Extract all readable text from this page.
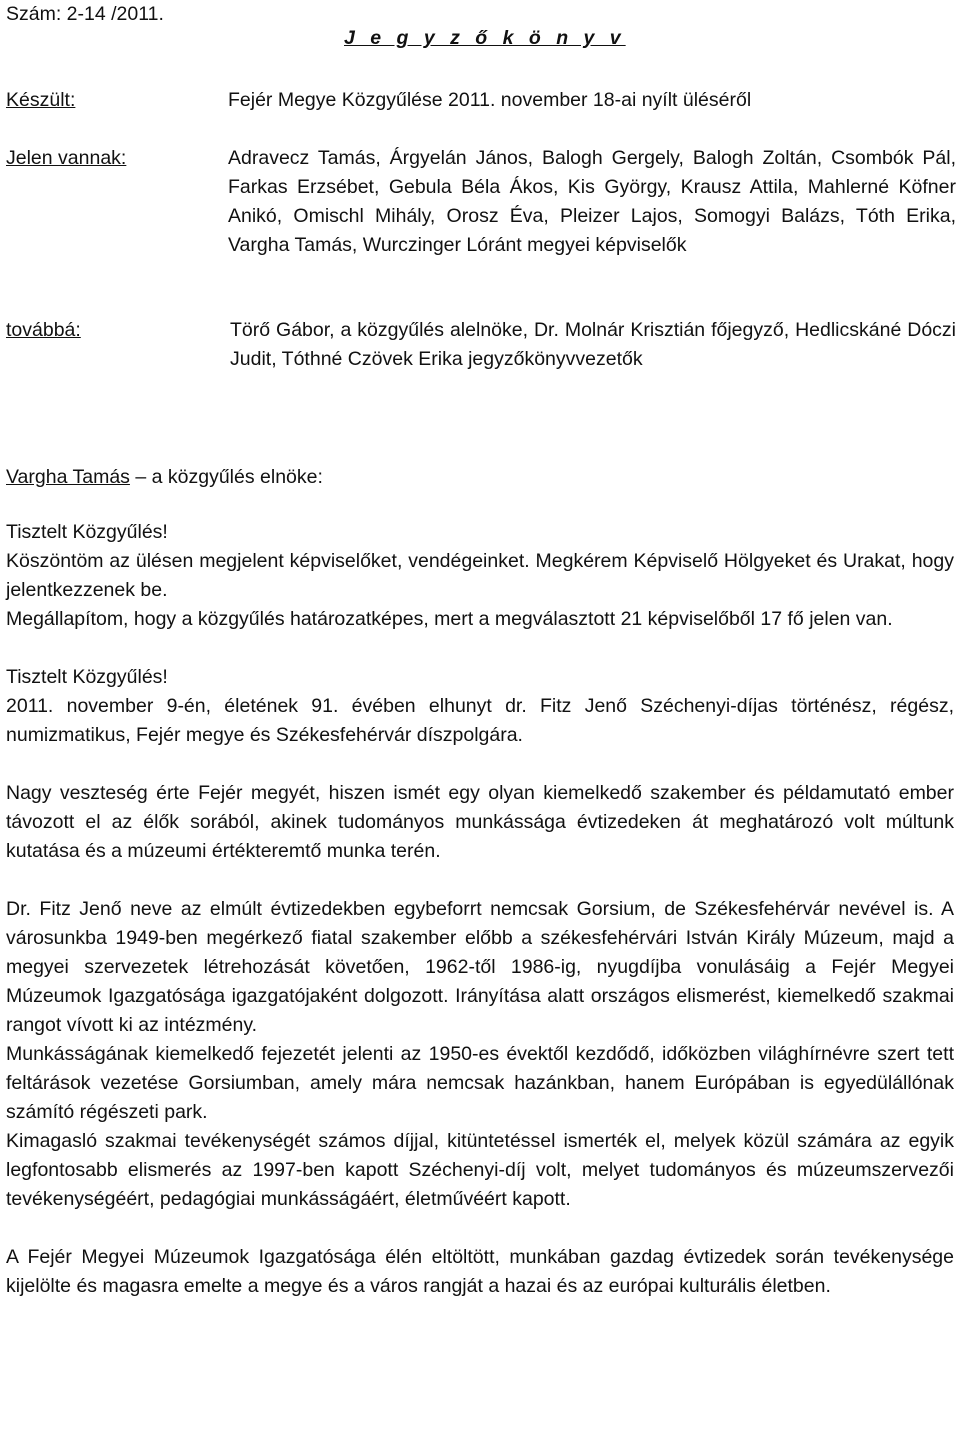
Szám: 2-14 /2011.
J e g y z ő k ö n y v
Készült:	Fejér Megye Közgyűlése 2011. november 18-ai nyílt üléséről
Jelen vannak:	Adravecz Tamás, Árgyelán János, Balogh Gergely, Balogh Zoltán, Csombók Pál, Farkas Erzsébet, Gebula Béla Ákos, Kis György, Krausz Attila, Mahlerné Köfner Anikó, Omischl Mihály, Orosz Éva, Pleizer Lajos, Somogyi Balázs, Tóth Erika, Vargha Tamás, Wurczinger Lóránt megyei képviselők
továbbá:	Törő Gábor, a közgyűlés alelnöke, Dr. Molnár Krisztián főjegyző, Hedlicskáné Dóczi Judit, Tóthné Czövek Erika jegyzőkönyvvezetők
Vargha Tamás – a közgyűlés elnöke:

Tisztelt Közgyűlés!

Köszöntöm az ülésen megjelent képviselőket, vendégeinket. Megkérem Képviselő Hölgyeket és Urakat, hogy jelentkezzenek be.

Megállapítom, hogy a közgyűlés határozatképes, mert a megválasztott 21 képviselőből 17 fő jelen van.

Tisztelt Közgyűlés!

2011. november 9-én, életének 91. évében elhunyt dr. Fitz Jenő Széchenyi-díjas történész, régész, numizmatikus, Fejér megye és Székesfehérvár díszpolgára.

Nagy veszteség érte Fejér megyét, hiszen ismét egy olyan kiemelkedő szakember és példamutató ember távozott el az élők sorából, akinek tudományos munkássága évtizedeken át meghatározó volt múltunk kutatása és a múzeumi értékteremtő munka terén.

Dr. Fitz Jenő neve az elmúlt évtizedekben egybeforrt nemcsak Gorsium, de Székesfehérvár nevével is. A városunkba 1949-ben megérkező fiatal szakember előbb a székesfehérvári István Király Múzeum, majd a megyei szervezetek létrehozását követően, 1962-től 1986-ig, nyugdíjba vonulásáig a Fejér Megyei Múzeumok Igazgatósága igazgatójaként dolgozott. Irányítása alatt országos elismerést, kiemelkedő szakmai rangot vívott ki az intézmény.

Munkásságának kiemelkedő fejezetét jelenti az 1950-es évektől kezdődő, időközben világhírnévre szert tett feltárások vezetése Gorsiumban, amely mára nemcsak hazánkban, hanem Európában is egyedülállónak számító régészeti park.

Kimagasló szakmai tevékenységét számos díjjal, kitüntetéssel ismerték el, melyek közül számára az egyik legfontosabb elismerés az 1997-ben kapott Széchenyi-díj volt, melyet tudományos és múzeumszervezői tevékenységéért, pedagógiai munkásságáért, életművéért kapott.

A Fejér Megyei Múzeumok Igazgatósága élén eltöltött, munkában gazdag évtizedek során tevékenysége kijelölte és magasra emelte a megye és a város rangját a hazai és az európai kulturális életben.
